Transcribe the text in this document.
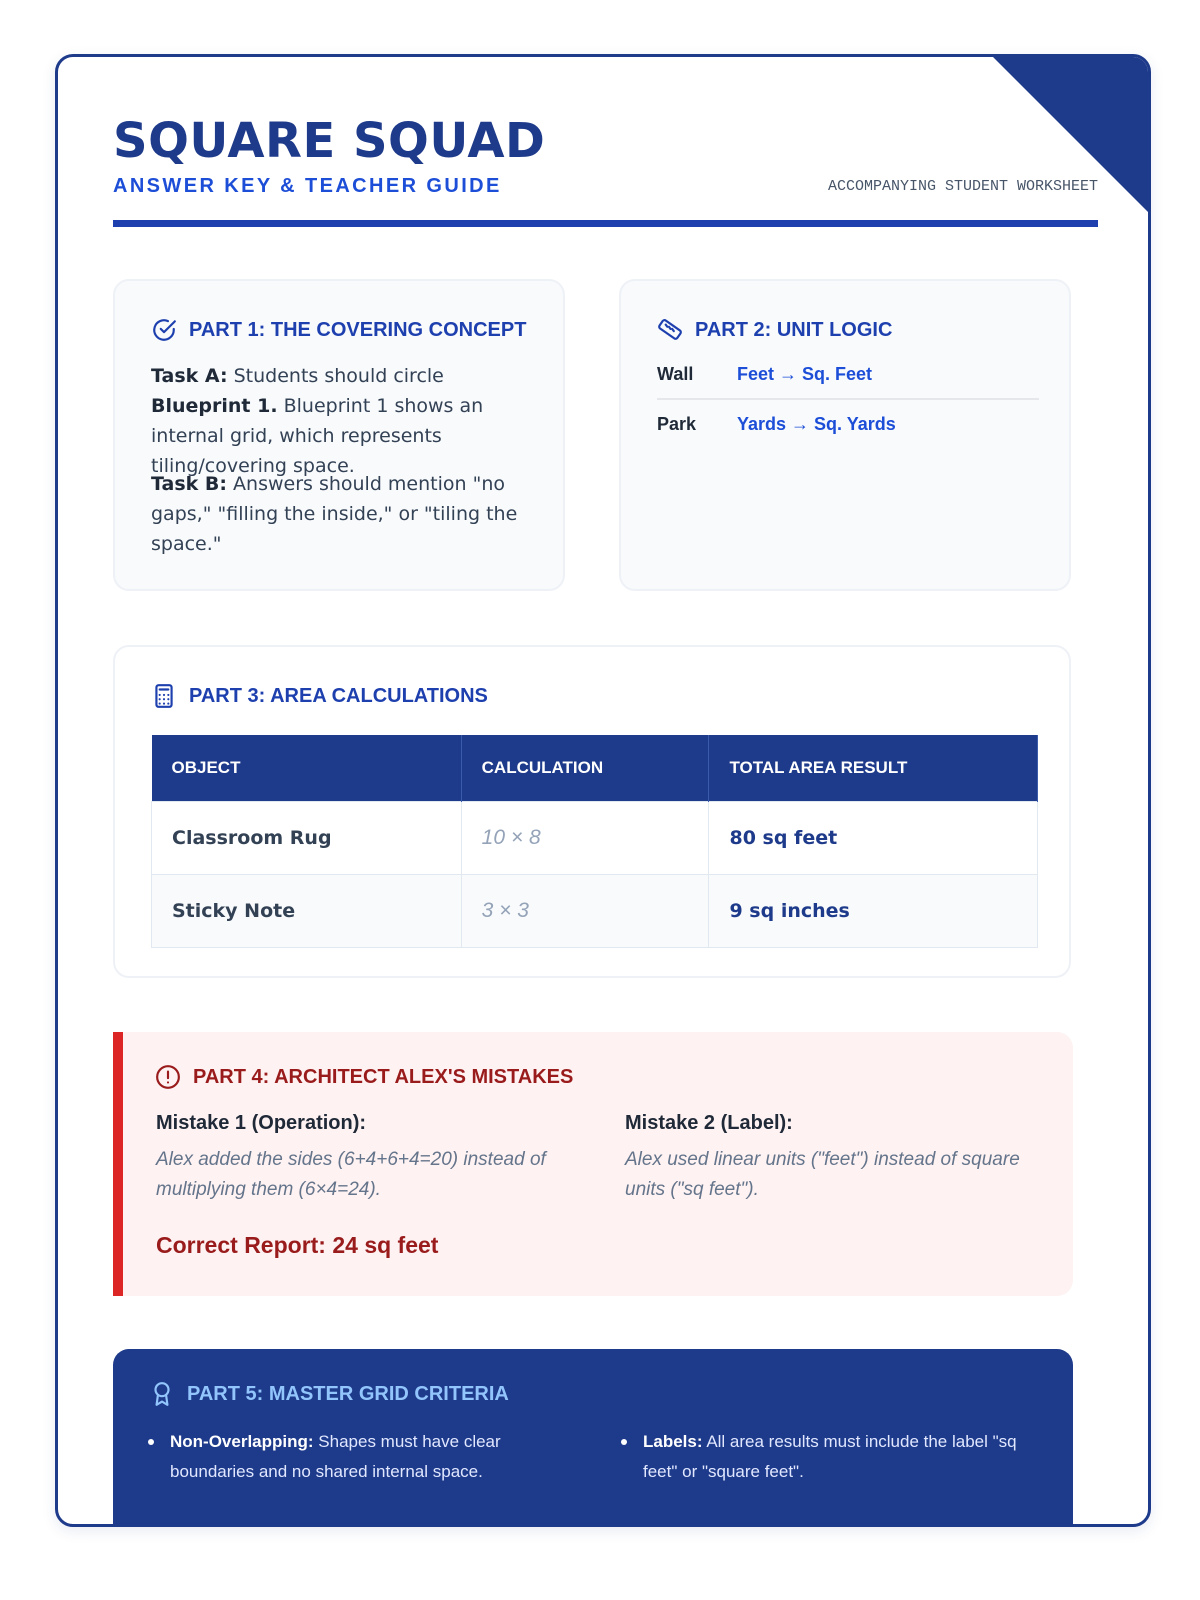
SQUARE SQUAD
ANSWER KEY & TEACHER GUIDE	ACCOMPANYING STUDENT WORKSHEET
PART 1: THE COVERING CONCEPT
Task A: Students should circle Blueprint 1. Blueprint 1 shows an internal grid, which represents tiling/covering space.
Task B: Answers should mention "no gaps," "filling the inside," or "tiling the space."
PART 2: UNIT LOGIC
Wall	Feet → Sq. Feet
Park	Yards → Sq. Yards
PART 3: AREA CALCULATIONS
OBJECT	CALCULATION	TOTAL AREA RESULT
Classroom Rug	10 × 8	80 sq feet
Sticky Note	3 × 3	9 sq inches
PART 4: ARCHITECT ALEX'S MISTAKES
Mistake 1 (Operation):
Alex added the sides (6+4+6+4=20) instead of multiplying them (6×4=24).
Mistake 2 (Label):
Alex used linear units ("feet") instead of square units ("sq feet").
Correct Report: 24 sq feet
PART 5: MASTER GRID CRITERIA
Non-Overlapping: Shapes must have clear boundaries and no shared internal space.
Labels: All area results must include the label "sq feet" or "square feet".
